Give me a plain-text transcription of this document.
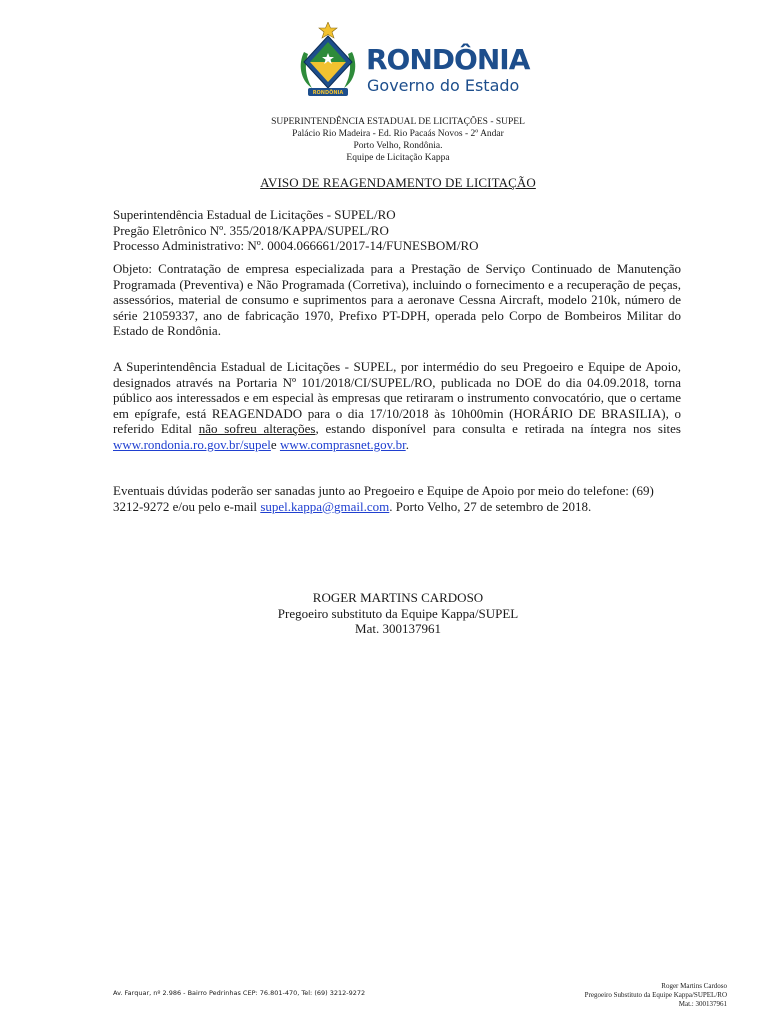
RONDÔNIA
RONDÔNIA
Governo do Estado
SUPERINTENDÊNCIA ESTADUAL DE LICITAÇÕES - SUPEL
Palácio Rio Madeira - Ed. Rio Pacaás Novos - 2º Andar
Porto Velho, Rondônia.
Equipe de Licitação Kappa
AVISO DE REAGENDAMENTO DE LICITAÇÃO
Superintendência Estadual de Licitações - SUPEL/RO
Pregão Eletrônico Nº. 355/2018/KAPPA/SUPEL/RO
Processo Administrativo: Nº. 0004.066661/2017-14/FUNESBOM/RO
Objeto: Contratação de empresa especializada para a Prestação de Serviço Continuado de Manutenção Programada (Preventiva) e Não Programada (Corretiva), incluindo o fornecimento e a recuperação de peças, assessórios, material de consumo e suprimentos para a aeronave Cessna Aircraft, modelo 210k, número de série 21059337, ano de fabricação 1970, Prefixo PT-DPH, operada pelo Corpo de Bombeiros Militar do Estado de Rondônia.
A Superintendência Estadual de Licitações - SUPEL, por intermédio do seu Pregoeiro e Equipe de Apoio, designados através na Portaria Nº 101/2018/CI/SUPEL/RO, publicada no DOE do dia 04.09.2018, torna público aos interessados e em especial às empresas que retiraram o instrumento convocatório, que o certame em epígrafe, está REAGENDADO para o dia 17/10/2018 às 10h00min (HORÁRIO DE BRASILIA), o referido Edital não sofreu alterações, estando disponível para consulta e retirada na íntegra nos sites www.rondonia.ro.gov.br/supele www.comprasnet.gov.br.
Eventuais dúvidas poderão ser sanadas junto ao Pregoeiro e Equipe de Apoio por meio do telefone: (69) 3212-9272 e/ou pelo e-mail supel.kappa@gmail.com. Porto Velho, 27 de setembro de 2018.
ROGER MARTINS CARDOSO
Pregoeiro substituto da Equipe Kappa/SUPEL
Mat. 300137961
Av. Farquar, nº 2.986 - Bairro Pedrinhas CEP: 76.801-470, Tel: (69) 3212-9272
Roger Martins Cardoso
Pregoeiro Substituto da Equipe Kappa/SUPEL/RO
Mat.: 300137961
